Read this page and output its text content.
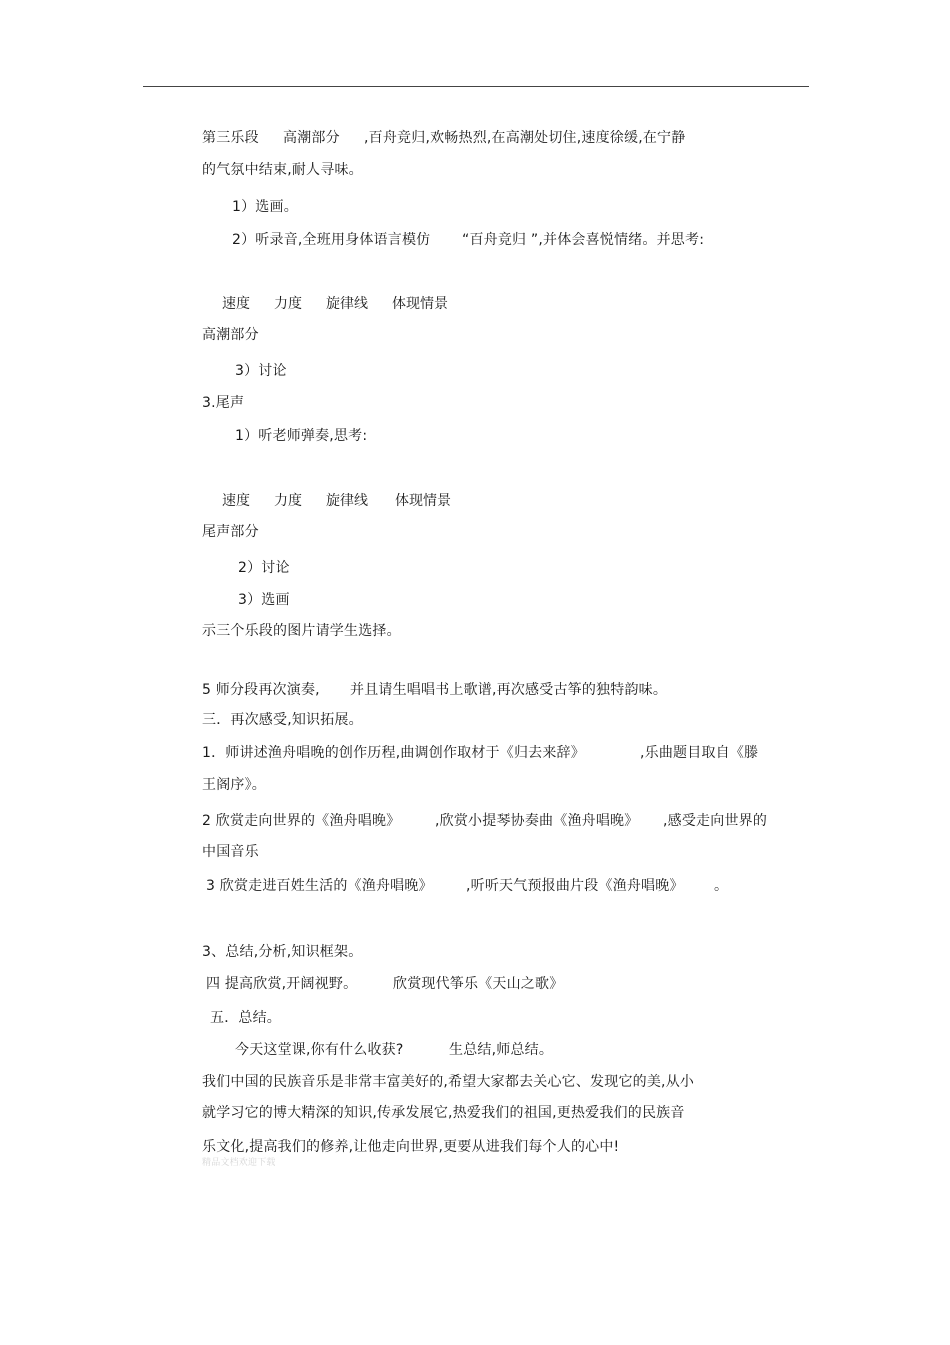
第三乐段 高潮部分 ,百舟竞归,欢畅热烈,在高潮处切住,速度徐缓,在宁静
的气氛中结束,耐人寻味。
1）选画。
2）听录音,全班用身体语言模仿 “百舟竞归 ”,并体会喜悦情绪。并思考:
速度 力度 旋律线 体现情景
高潮部分
3）讨论
3.尾声
1）听老师弹奏,思考:
速度 力度 旋律线 体现情景
尾声部分
2）讨论
3）选画
示三个乐段的图片请学生选择。
5 师分段再次演奏, 并且请生唱唱书上歌谱,再次感受古筝的独特韵味。
三．再次感受,知识拓展。
1．师讲述渔舟唱晚的创作历程,曲调创作取材于《归去来辞》	,乐曲题目取自《滕
王阁序》。
2 欣赏走向世界的《渔舟唱晚》 ,欣赏小提琴协奏曲《渔舟唱晚》 ,感受走向世界的
中国音乐
3 欣赏走进百姓生活的《渔舟唱晚》 ,听听天气预报曲片段《渔舟唱晚》 。
3、总结,分析,知识框架。
四 提高欣赏,开阔视野。	欣赏现代筝乐《天山之歌》
五．总结。
今天这堂课,你有什么收获?	生总结,师总结。
我们中国的民族音乐是非常丰富美好的,希望大家都去关心它、发现它的美,从小
就学习它的博大精深的知识,传承发展它,热爱我们的祖国,更热爱我们的民族音
乐文化,提高我们的修养,让他走向世界,更要从进我们每个人的心中!
精品文档欢迎下载
